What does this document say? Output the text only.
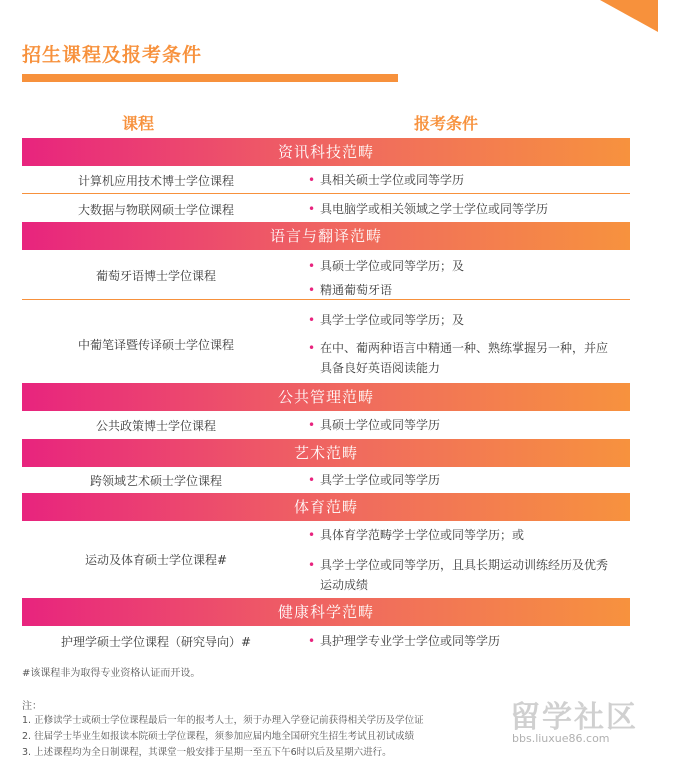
招生课程及报考条件
课程	报考条件
资讯科技范畴
计算机应用技术博士学位课程	• 具相关硕士学位或同等学历
大数据与物联网硕士学位课程	• 具电脑学或相关领域之学士学位或同等学历
语言与翻译范畴
葡萄牙语博士学位课程
• 具硕士学位或同等学历；及
• 精通葡萄牙语
中葡笔译暨传译硕士学位课程
• 具学士学位或同等学历；及
• 在中、葡两种语言中精通一种、熟练掌握另一种，并应具备良好英语阅读能力
公共管理范畴
公共政策博士学位课程	• 具硕士学位或同等学历
艺术范畴
跨领域艺术硕士学位课程	• 具学士学位或同等学历
体育范畴
运动及体育硕士学位课程#
• 具体育学范畴学士学位或同等学历；或
• 具学士学位或同等学历，且具长期运动训练经历及优秀运动成绩
健康科学范畴
护理学硕士学位课程（研究导向）#	• 具护理学专业学士学位或同等学历
#该课程非为取得专业资格认证而开设。
注：
1. 正修读学士或硕士学位课程最后一年的报考人士，须于办理入学登记前获得相关学历及学位证
2. 往届学士毕业生如报读本院硕士学位课程，须参加应届内地全国研究生招生考试且初试成绩
3. 上述课程均为全日制课程，其课堂一般安排于星期一至五下午6时以后及星期六进行。
留学社区
bbs.liuxue86.com
